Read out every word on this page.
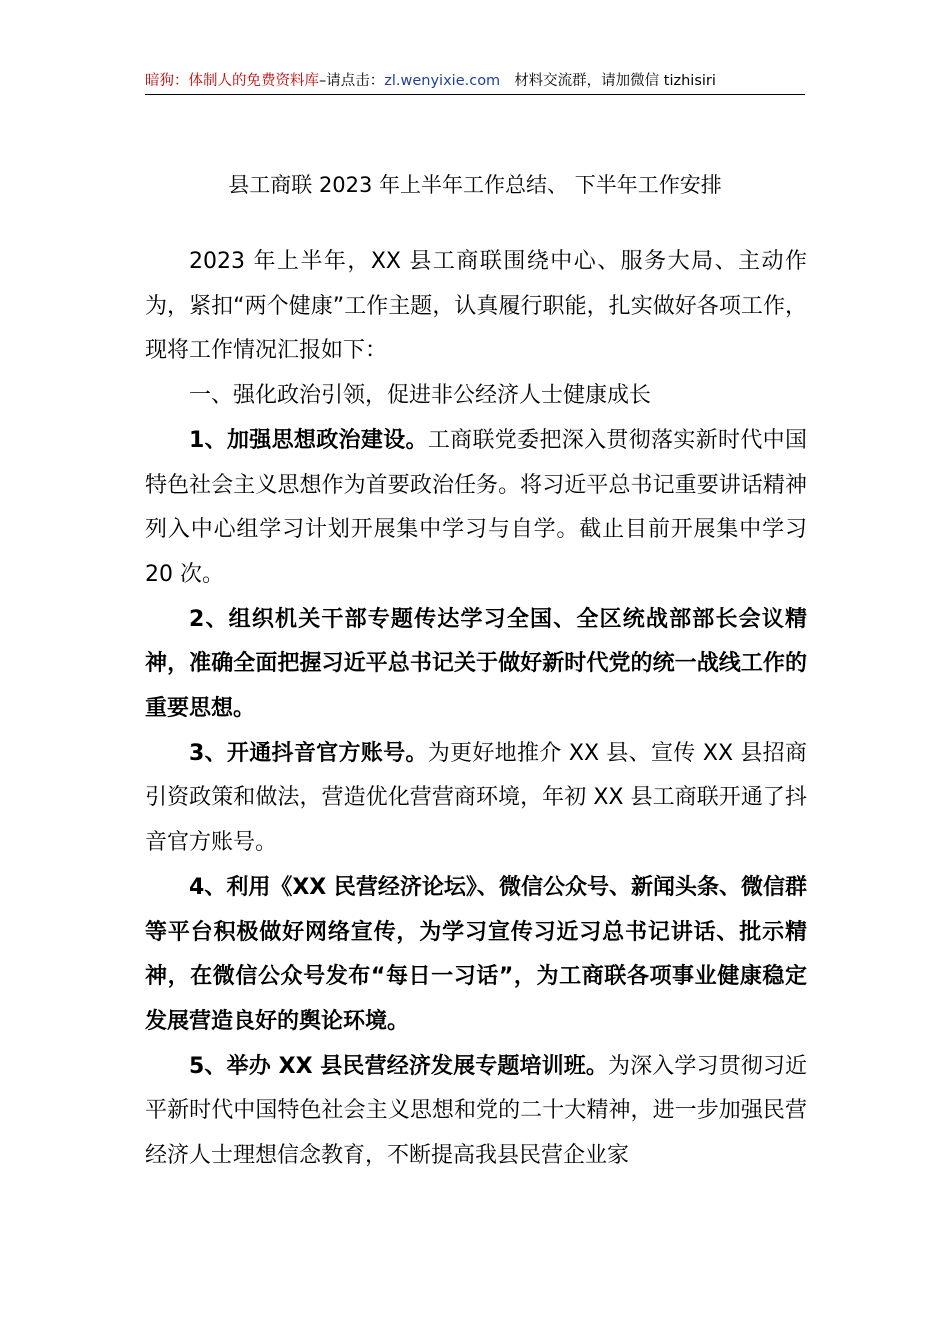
暗狗：体制人的免费资料库–请点击：zl.wenyixie.com 材料交流群，请加微信 tizhisiri
县工商联 2023 年上半年工作总结、 下半年工作安排

2023 年上半年，XX 县工商联围绕中心、服务大局、主动作为，紧扣“两个健康”工作主题，认真履行职能，扎实做好各项工作，现将工作情况汇报如下：

一、强化政治引领，促进非公经济人士健康成长

1、加强思想政治建设。工商联党委把深入贯彻落实新时代中国特色社会主义思想作为首要政治任务。将习近平总书记重要讲话精神列入中心组学习计划开展集中学习与自学。截止目前开展集中学习 20 次。

2、组织机关干部专题传达学习全国、全区统战部部长会议精神，准确全面把握习近平总书记关于做好新时代党的统一战线工作的重要思想。

3、开通抖音官方账号。为更好地推介 XX 县、宣传 XX 县招商引资政策和做法，营造优化营营商环境，年初 XX 县工商联开通了抖音官方账号。

4、利用《XX 民营经济论坛》、微信公众号、新闻头条、微信群等平台积极做好网络宣传，为学习宣传习近习总书记讲话、批示精神，在微信公众号发布“每日一习话”，为工商联各项事业健康稳定发展营造良好的舆论环境。

5、举办 XX 县民营经济发展专题培训班。为深入学习贯彻习近平新时代中国特色社会主义思想和党的二十大精神，进一步加强民营经济人士理想信念教育，不断提高我县民营企业家
